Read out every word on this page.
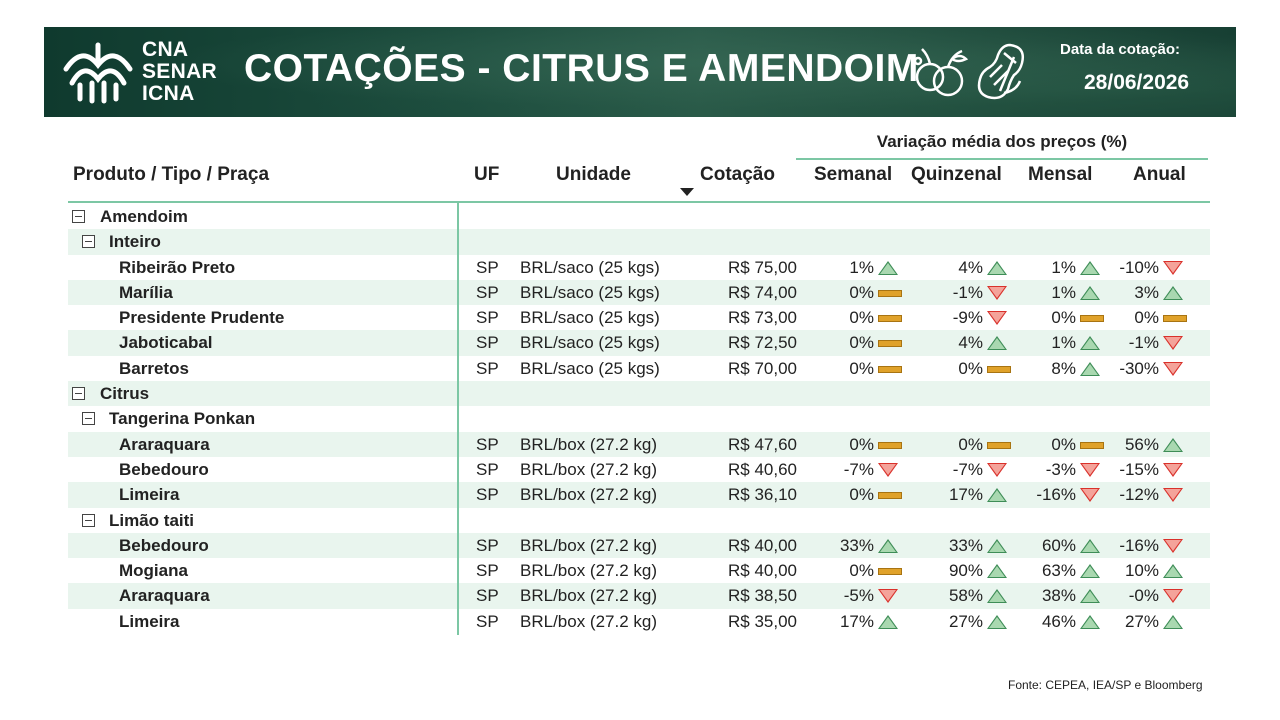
CNA
SENAR
ICNA
COTAÇÕES - CITRUS E AMENDOIM	Data da cotação:
28/06/2026
Variação média dos preços (%)
Produto / Tipo / Praça	UF	Unidade	Cotação Semanal Quinzenal Mensal Anual
Amendoim
Inteiro
Ribeirão Preto	SP BRL/saco (25 kgs)	R$ 75,00	1%	4%	1%	-10%
Marília	SP BRL/saco (25 kgs)	R$ 74,00	0%	-1%	1%	3%
Presidente Prudente	SP BRL/saco (25 kgs)	R$ 73,00	0%	-9%	0%	0%
Jaboticabal	SP BRL/saco (25 kgs)	R$ 72,50	0%	4%	1%	-1%
Barretos	SP BRL/saco (25 kgs)	R$ 70,00	0%	0%	8%	-30%
Citrus
Tangerina Ponkan
Araraquara	SP BRL/box (27.2 kg)	R$ 47,60	0%	0%	0%	56%
Bebedouro	SP BRL/box (27.2 kg)	R$ 40,60	-7%	-7%	-3%	-15%
Limeira	SP BRL/box (27.2 kg)	R$ 36,10	0%	17%	-16%	-12%
Limão taiti
Bebedouro	SP BRL/box (27.2 kg)	R$ 40,00	33%	33%	60%	-16%
Mogiana	SP BRL/box (27.2 kg)	R$ 40,00	0%	90%	63%	10%
Araraquara	SP BRL/box (27.2 kg)	R$ 38,50	-5%	58%	38%	-0%
Limeira	SP BRL/box (27.2 kg)	R$ 35,00	17%	27%	46%	27%
Fonte: CEPEA, IEA/SP e Bloomberg
